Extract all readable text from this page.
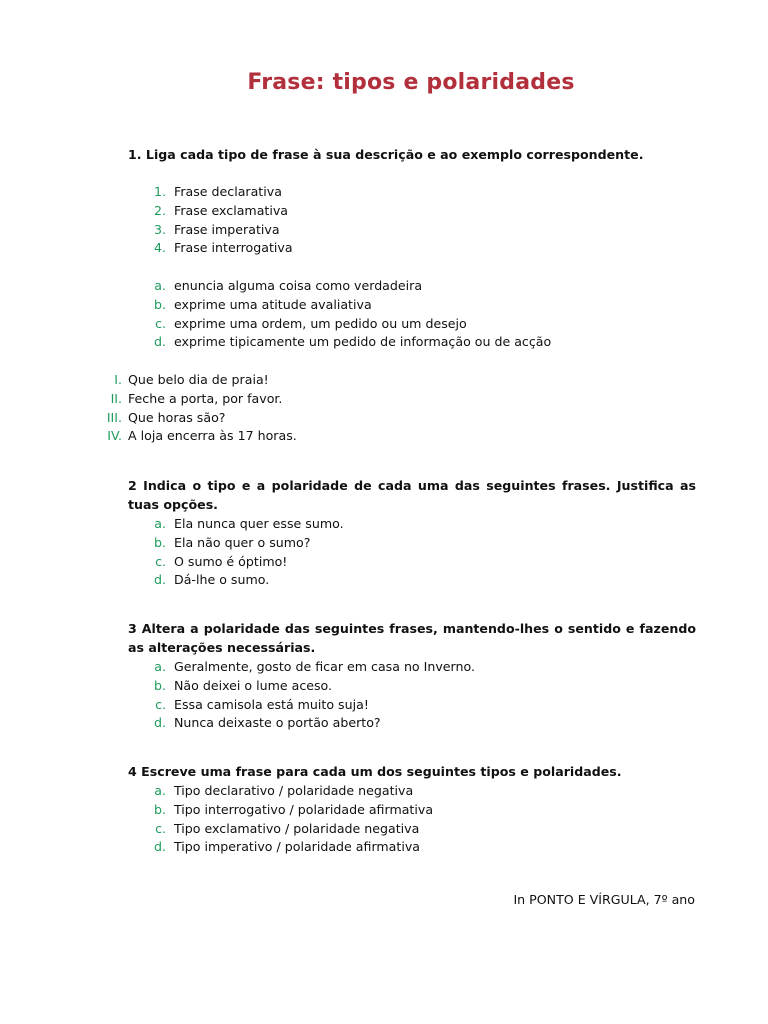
Frase: tipos e polaridades
1. Liga cada tipo de frase à sua descrição e ao exemplo correspondente.
1. Frase declarativa
2. Frase exclamativa
3. Frase imperativa
4. Frase interrogativa
a. enuncia alguma coisa como verdadeira
b. exprime uma atitude avaliativa
c. exprime uma ordem, um pedido ou um desejo
d. exprime tipicamente um pedido de informação ou de acção
I. Que belo dia de praia!
II. Feche a porta, por favor.
III. Que horas são?
IV. A loja encerra às 17 horas.
2 Indica o tipo e a polaridade de cada uma das seguintes frases. Justifica as tuas opções.
a. Ela nunca quer esse sumo.
b. Ela não quer o sumo?
c. O sumo é óptimo!
d. Dá-lhe o sumo.
3 Altera a polaridade das seguintes frases, mantendo-lhes o sentido e fazendo as alterações necessárias.
a. Geralmente, gosto de ficar em casa no Inverno.
b. Não deixei o lume aceso.
c. Essa camisola está muito suja!
d. Nunca deixaste o portão aberto?
4 Escreve uma frase para cada um dos seguintes tipos e polaridades.
a. Tipo declarativo / polaridade negativa
b. Tipo interrogativo / polaridade afirmativa
c. Tipo exclamativo / polaridade negativa
d. Tipo imperativo / polaridade afirmativa
In PONTO E VÍRGULA, 7º ano
